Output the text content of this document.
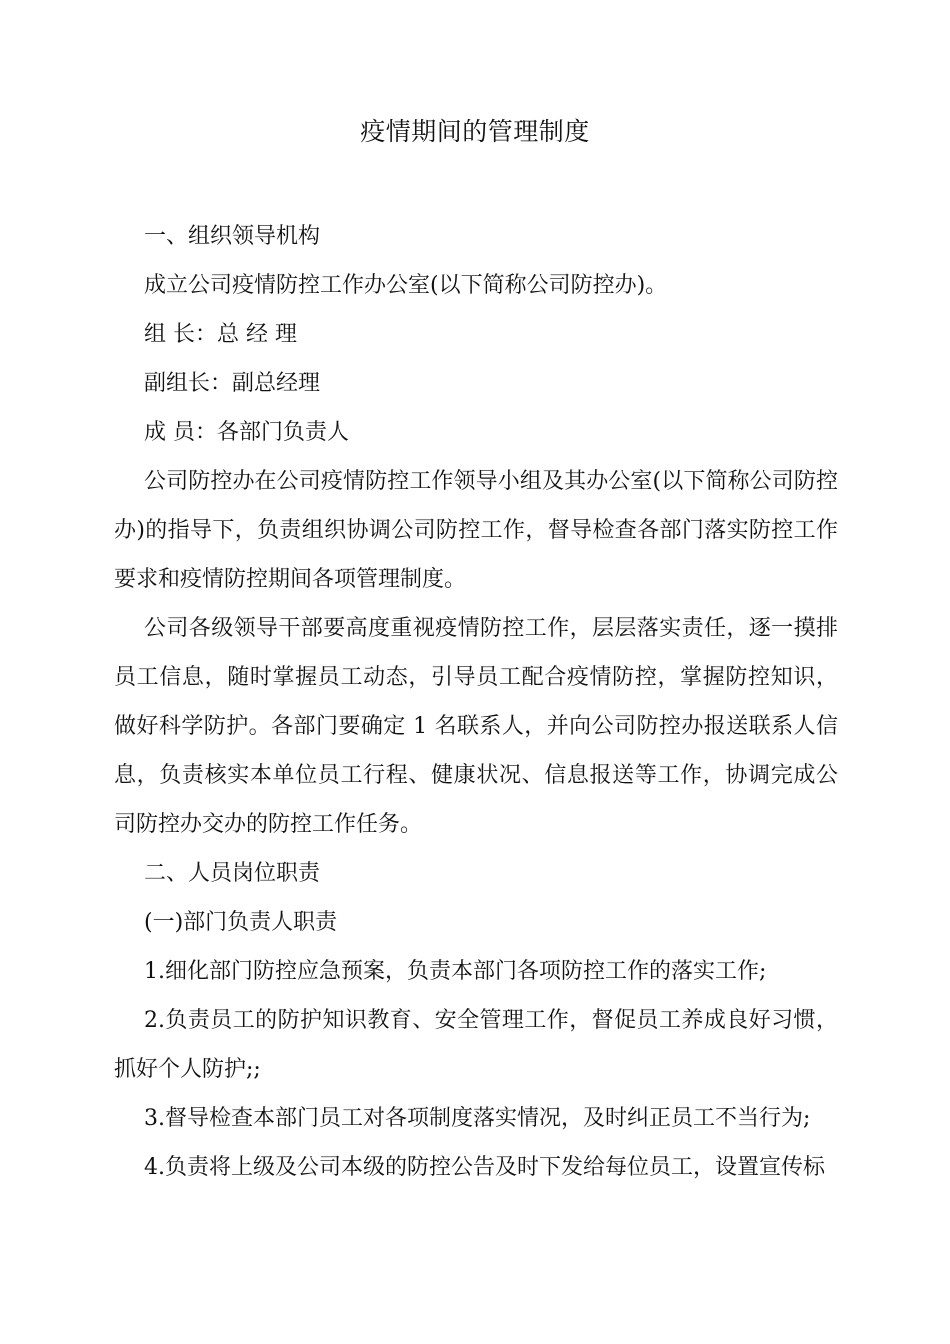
疫情期间的管理制度

一、组织领导机构

成立公司疫情防控工作办公室(以下简称公司防控办)。

组 长：总 经 理

副组长：副总经理

成 员：各部门负责人

公司防控办在公司疫情防控工作领导小组及其办公室(以下简称公司防控办)的指导下，负责组织协调公司防控工作，督导检查各部门落实防控工作要求和疫情防控期间各项管理制度。

公司各级领导干部要高度重视疫情防控工作，层层落实责任，逐一摸排员工信息，随时掌握员工动态，引导员工配合疫情防控，掌握防控知识，做好科学防护。各部门要确定 1 名联系人，并向公司防控办报送联系人信息，负责核实本单位员工行程、健康状况、信息报送等工作，协调完成公司防控办交办的防控工作任务。

二、人员岗位职责

(一)部门负责人职责

1.细化部门防控应急预案，负责本部门各项防控工作的落实工作;

2.负责员工的防护知识教育、安全管理工作，督促员工养成良好习惯，抓好个人防护;;

3.督导检查本部门员工对各项制度落实情况，及时纠正员工不当行为;

4.负责将上级及公司本级的防控公告及时下发给每位员工，设置宣传标
